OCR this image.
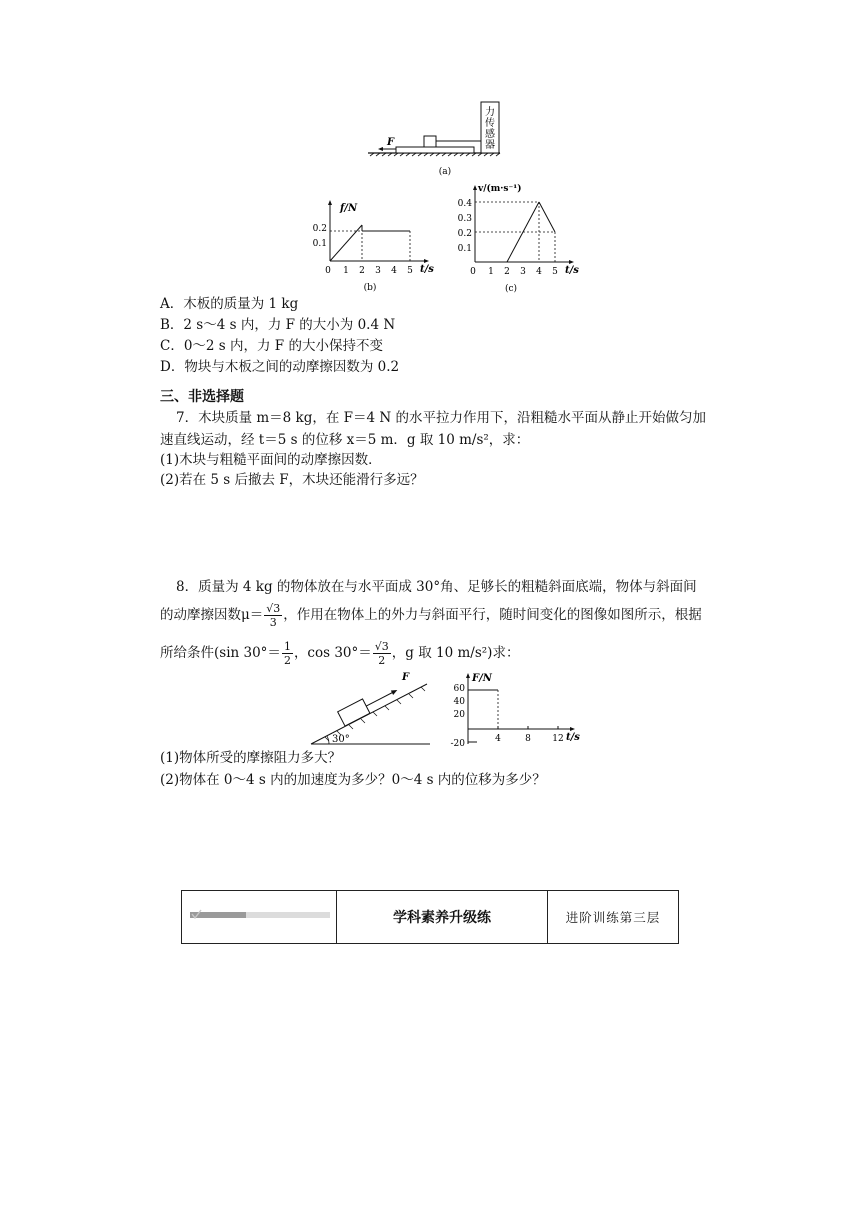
力
传
感
器
F
(a)
f/N
t/s
0.2
0.1
0 1 2 3 4 5
(b)
v/(m·s⁻¹)
t/s
0.4
0.3
0.2
0.1
0 1 2 3 4 5
(c)
A．木板的质量为 1 kg
B．2 s～4 s 内，力 F 的大小为 0.4 N
C．0～2 s 内，力 F 的大小保持不变
D．物块与木板之间的动摩擦因数为 0.2
三、非选择题
7．木块质量 m＝8 kg，在 F＝4 N 的水平拉力作用下，沿粗糙水平面从静止开始做匀加
速直线运动，经 t＝5 s 的位移 x＝5 m．g 取 10 m/s²，求：
(1)木块与粗糙平面间的动摩擦因数．
(2)若在 5 s 后撤去 F，木块还能滑行多远？
8．质量为 4 kg 的物体放在与水平面成 30°角、足够长的粗糙斜面底端，物体与斜面间
的动摩擦因数$\mu= \frac{√3}{3}$ ，作用在物体上的外力与斜面平行，随时间变化的图像如图所示，根据
所给条件(sin $30^\circ= \frac{1}{2}$ ，$\cos 30^\circ= \frac{√3}{2}$ ，g 取 10 m/s²)求：
F
30°
F/N
t/s
60
40
20
-20	4	8 12
(1)物体所受的摩擦阻力多大？
(2)物体在 0～4 s 内的加速度为多少？0～4 s 内的位移为多少？
	学科素养升级练	进阶训练第三层
